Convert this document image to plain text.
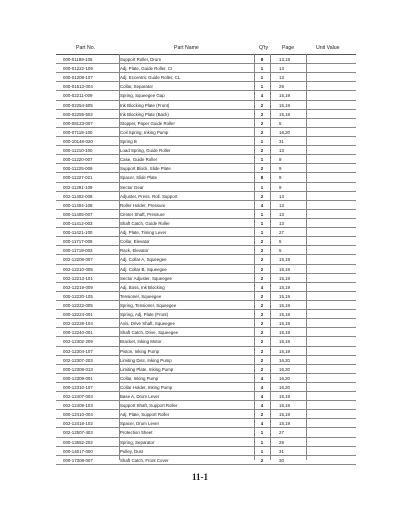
Part No.	Part Name	Q'ty	Page	Unit Value
000-01189-105	Support Roller, Drum	8	13,19
000-01222-109	Adj. Plate, Guide Roller, CI	1	13
000-01208-107	Adj. Eccentric Guide Roller, CL	1	13
000-01513-004	Collar, Separator	1	29
000-02211-009	Spring, Squeegee Gap	4	15,19
000-02254-505	Ink Blocking Plate (Front)	2	15,19
000-02255-502	Ink Blocking Plate (Back)	2	15,19
000-08123-007	Stopper, Paper Guide Roller	2	5
000-07118-100	Coil Spring, Inking Pump	2	16,20
000-10148-020	Spring B	1	31
000-11210-100	Load Spring, Guide Roller	2	13
000-11220-007	Case, Guide Roller	1	9
000-11225-009	Support Block, Slide Plate	2	9
000-11227-021	Spacer, Slide Plate	8	9
002-11291-109	Sector Gear	1	9
002-11402-008	Adjuster, Press. Roll. Support	2	13
000-11404-108	Roller Holder, Pressure	4	13
000-11405-007	Center Shaft, Pressure	1	13
000-11412-003	Shaft Catch, Guide Roller	1	13
000-11421-100	Adj. Plate, Timing Lever	1	27
000-11717-009	Collar, Elevator	2	5
000-11718-003	Rack, Elevator	2	5
002-12208-007	Adj. Collar A, Squeegee	2	15,19
002-12210-005	Adj. Collar B, Squeegee	2	15,19
002-12213-101	Sector Adjuster, Squeegee	2	15,19
002-12219-009	Adj. Boss, Ink Blocking	4	15,19
000-12220-105	Tensioner, Squeegee	2	15,19
000-12222-005	Spring, Tensioner, Squeegee	2	15,19
000-12224-001	Spring, Adj. Plate (Front)	2	15,19
002-12228-104	Axis, Drive Shaft, Squeegee	2	15,19
000-12240-001	Shaft Catch, Drive, Squeegee	2	15,19
002-12302-209	Bracket, Inking Motor	2	15,19
002-12304-107	Piston, Inking Pump	2	15,19
002-12307-203	Limiting Disc, Inking Pump	2	16,20
000-12308-013	Limiting Plate, Inking Pump	2	16,20
000-12309-001	Collar, Inking Pump	4	16,20
000-12310-107	Collar Holder, Inking Pump	4	16,20
002-12407-003	Base A, Drum Lever	4	15,19
002-12409-103	Support Shaft, Support Roller	4	15,19
000-12410-004	Adj. Plate, Support Roller	2	15,19
002-12418-102	Spacer, Drum Lever	4	15,19
002-12507-403	Protection Sheet	1	27
000-13552-202	Spring, Separator	1	29
000-14017-000	Pulley, Dust	1	31
000-17308-007	Shaft Catch, Front Cover	2	30
11-1
